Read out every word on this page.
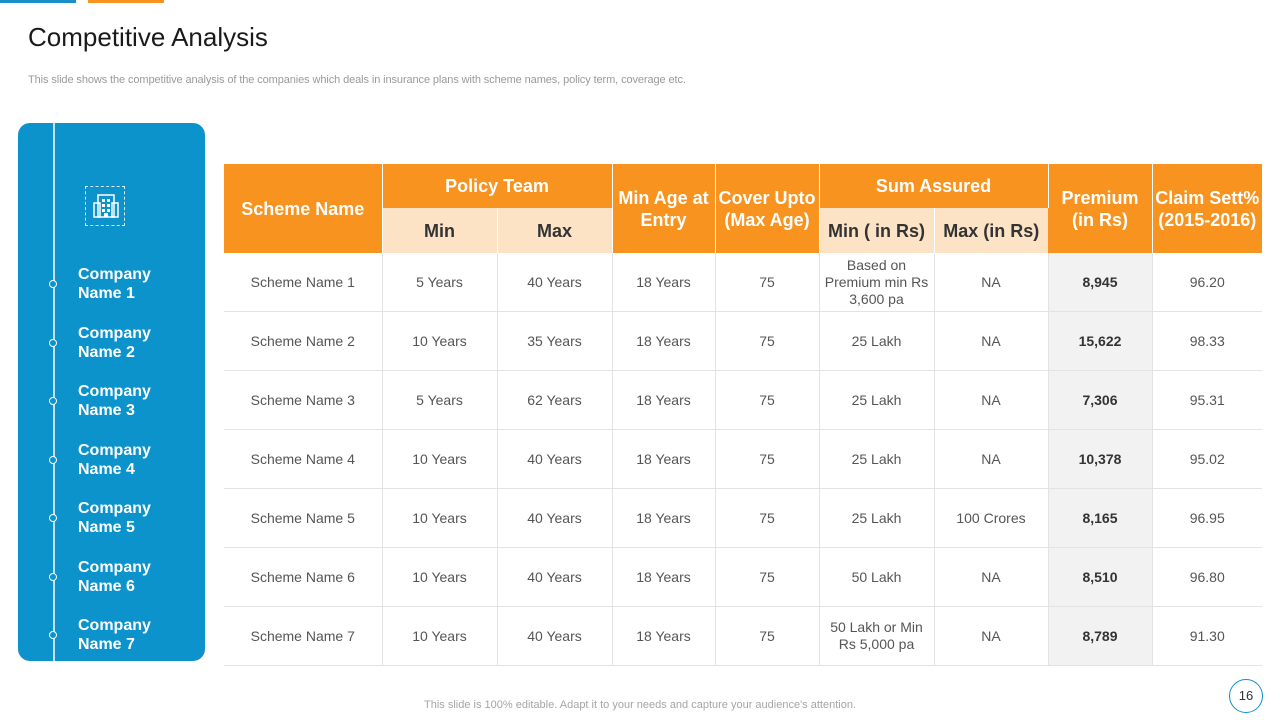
Competitive Analysis
This slide shows the competitive analysis of the companies which deals in insurance plans with scheme names, policy term, coverage etc.
Company Name 1
Company Name 2
Company Name 3
Company Name 4
Company Name 5
Company Name 6
Company Name 7
Scheme Name	Policy Team		Min Age at Entry	Cover Upto (Max Age)	Sum Assured		Premium (in Rs)	Claim Sett% (2015-2016)
	Min	Max			Min ( in Rs)	Max (in Rs)		
Scheme Name 1	5 Years	40 Years	18 Years	75	Based on Premium min Rs 3,600 pa	NA	8,945	96.20
Scheme Name 2	10 Years	35 Years	18 Years	75	25 Lakh	NA	15,622	98.33
Scheme Name 3	5 Years	62 Years	18 Years	75	25 Lakh	NA	7,306	95.31
Scheme Name 4	10 Years	40 Years	18 Years	75	25 Lakh	NA	10,378	95.02
Scheme Name 5	10 Years	40 Years	18 Years	75	25 Lakh	100 Crores	8,165	96.95
Scheme Name 6	10 Years	40 Years	18 Years	75	50 Lakh	NA	8,510	96.80
Scheme Name 7	10 Years	40 Years	18 Years	75	50 Lakh or Min Rs 5,000 pa	NA	8,789	91.30
This slide is 100% editable. Adapt it to your needs and capture your audience's attention.
16
